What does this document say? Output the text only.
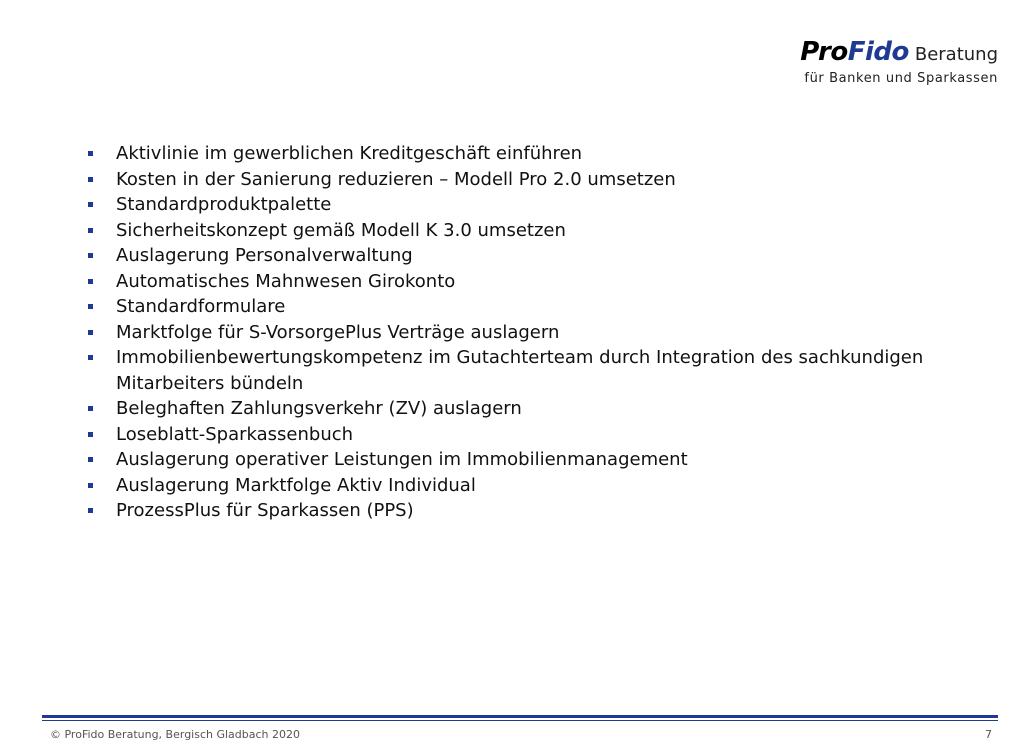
ProFido Beratung
für Banken und Sparkassen
Aktivlinie im gewerblichen Kreditgeschäft einführen
Kosten in der Sanierung reduzieren – Modell Pro 2.0 umsetzen
Standardproduktpalette
Sicherheitskonzept gemäß Modell K 3.0 umsetzen
Auslagerung Personalverwaltung
Automatisches Mahnwesen Girokonto
Standardformulare
Marktfolge für S-VorsorgePlus Verträge auslagern
Immobilienbewertungskompetenz im Gutachterteam durch Integration des sachkundigen Mitarbeiters bündeln
Beleghaften Zahlungsverkehr (ZV) auslagern
Loseblatt-Sparkassenbuch
Auslagerung operativer Leistungen im Immobilienmanagement
Auslagerung Marktfolge Aktiv Individual
ProzessPlus für Sparkassen (PPS)
© ProFido Beratung, Bergisch Gladbach 2020	7
